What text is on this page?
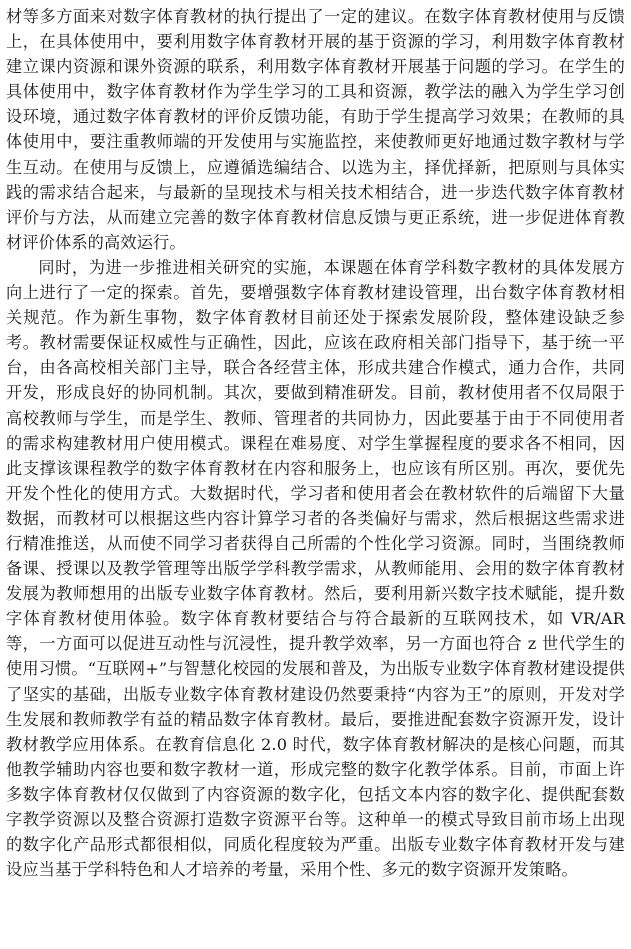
材等多方面来对数字体育教材的执行提出了一定的建议。在数字体育教材使用与反馈上，在具体使用中，要利用数字体育教材开展的基于资源的学习，利用数字体育教材建立课内资源和课外资源的联系，利用数字体育教材开展基于问题的学习。在学生的具体使用中，数字体育教材作为学生学习的工具和资源，教学法的融入为学生学习创设环境，通过数字体育教材的评价反馈功能，有助于学生提高学习效果；在教师的具体使用中，要注重教师端的开发使用与实施监控，来使教师更好地通过数字教材与学生互动。在使用与反馈上，应遵循选编结合、以选为主，择优择新，把原则与具体实践的需求结合起来，与最新的呈现技术与相关技术相结合，进一步迭代数字体育教材评价与方法，从而建立完善的数字体育教材信息反馈与更正系统，进一步促进体育教材评价体系的高效运行。

同时，为进一步推进相关研究的实施，本课题在体育学科数字教材的具体发展方向上进行了一定的探索。首先，要增强数字体育教材建设管理，出台数字体育教材相关规范。作为新生事物，数字体育教材目前还处于探索发展阶段，整体建设缺乏参考。教材需要保证权威性与正确性，因此，应该在政府相关部门指导下，基于统一平台，由各高校相关部门主导，联合各经营主体，形成共建合作模式，通力合作，共同开发，形成良好的协同机制。其次，要做到精准研发。目前，教材使用者不仅局限于高校教师与学生，而是学生、教师、管理者的共同协力，因此要基于由于不同使用者的需求构建教材用户使用模式。课程在难易度、对学生掌握程度的要求各不相同，因此支撑该课程教学的数字体育教材在内容和服务上，也应该有所区别。再次，要优先开发个性化的使用方式。大数据时代，学习者和使用者会在教材软件的后端留下大量数据，而教材可以根据这些内容计算学习者的各类偏好与需求，然后根据这些需求进行精准推送，从而使不同学习者获得自己所需的个性化学习资源。同时，当围绕教师备课、授课以及教学管理等出版学学科教学需求，从教师能用、会用的数字体育教材发展为教师想用的出版专业数字体育教材。然后，要利用新兴数字技术赋能，提升数字体育教材使用体验。数字体育教材要结合与符合最新的互联网技术，如 VR/AR 等，一方面可以促进互动性与沉浸性，提升教学效率，另一方面也符合 z 世代学生的使用习惯。“互联网+”与智慧化校园的发展和普及，为出版专业数字体育教材建设提供了坚实的基础，出版专业数字体育教材建设仍然要秉持“内容为王”的原则，开发对学生发展和教师教学有益的精品数字体育教材。最后，要推进配套数字资源开发，设计教材教学应用体系。在教育信息化 2.0 时代，数字体育教材解决的是核心问题，而其他教学辅助内容也要和数字教材一道，形成完整的数字化教学体系。目前，市面上许多数字体育教材仅仅做到了内容资源的数字化，包括文本内容的数字化、提供配套数字教学资源以及整合资源打造数字资源平台等。这种单一的模式导致目前市场上出现的数字化产品形式都很相似，同质化程度较为严重。出版专业数字体育教材开发与建设应当基于学科特色和人才培养的考量，采用个性、多元的数字资源开发策略。
